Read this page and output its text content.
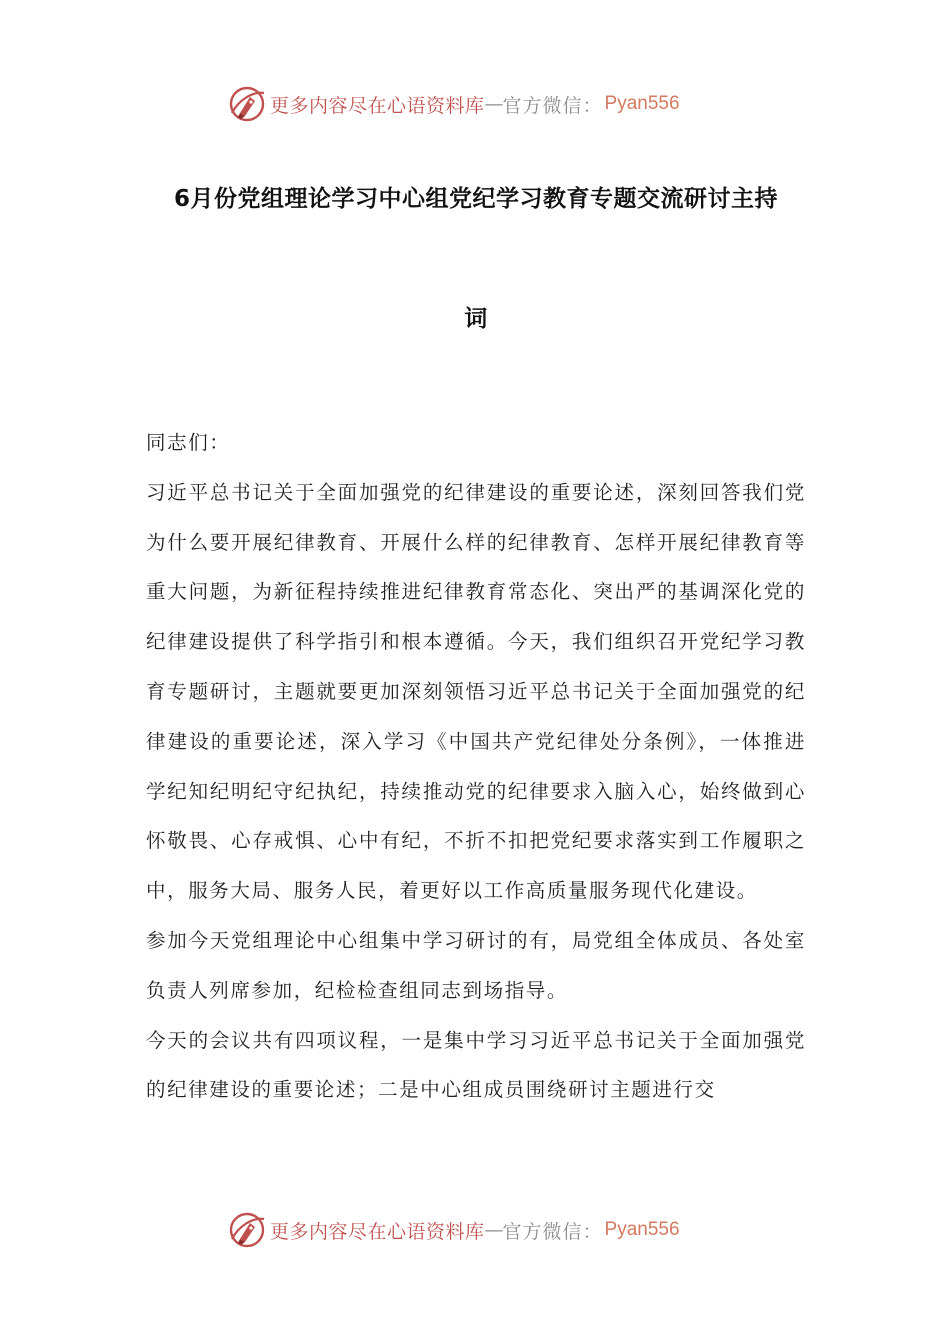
更多内容尽在心语资料库 — 官方微信： Pyan556
6月份党组理论学习中心组党纪学习教育专题交流研讨主持
词

同志们：

习近平总书记关于全面加强党的纪律建设的重要论述，深刻回答我们党为什么要开展纪律教育、开展什么样的纪律教育、怎样开展纪律教育等重大问题，为新征程持续推进纪律教育常态化、突出严的基调深化党的纪律建设提供了科学指引和根本遵循。今天，我们组织召开党纪学习教育专题研讨，主题就要更加深刻领悟习近平总书记关于全面加强党的纪律建设的重要论述，深入学习《中国共产党纪律处分条例》，一体推进学纪知纪明纪守纪执纪，持续推动党的纪律要求入脑入心，始终做到心怀敬畏、心存戒惧、心中有纪，不折不扣把党纪要求落实到工作履职之中，服务大局、服务人民，着更好以工作高质量服务现代化建设。

参加今天党组理论中心组集中学习研讨的有，局党组全体成员、各处室负责人列席参加，纪检检查组同志到场指导。

今天的会议共有四项议程，一是集中学习习近平总书记关于全面加强党的纪律建设的重要论述；二是中心组成员围绕研讨主题进行交

更多内容尽在心语资料库 — 官方微信： Pyan556
